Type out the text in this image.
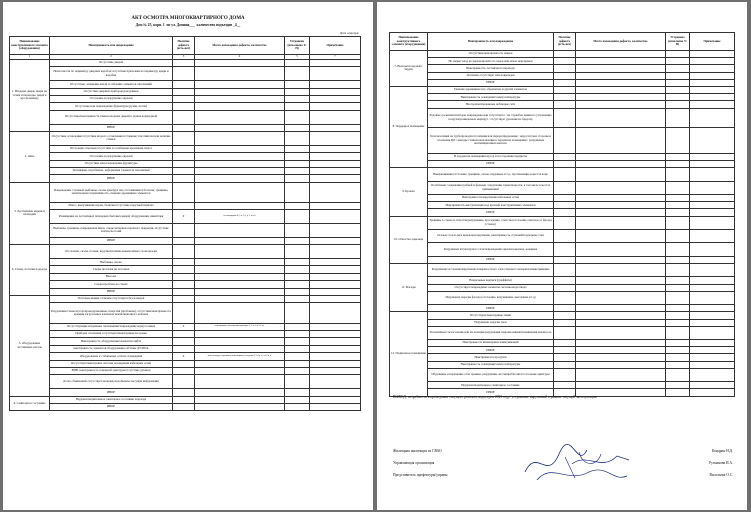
АКТ ОСМОТРА МНОГОКВАРТИРНОГО ДОМА
Дом № 25, корп. 1 по ул. Домина___ количество подъездов _4__
Дата осмотра:
Наименование конструктивного элемента (оборудования)	Неисправность или повреждение	Наличие дефекта (есть-нет)	Место нахождения дефекта, количество	Устранено (исполнено Y/Н)	Примечание
1	2	3	4	5	7
1. Входные двери, двери на этажи и переходы, двери в мусорокамеру	Отсутствие дверей				
	Неплотности по периметру дверных коробок/отсутствие притечеки по периметру двери и коробки				
	Отсутствие, затяжение и/или ослабление элементов заполнений				
	Отсутствие дверных приборов/доводчиков				
	Отслоение и разрушение окраски				
	Отсутствие или повреждение фурнитуры (ручки, петли)				
	Отсутствие/неисправность замков входных дверей в здание коридорной				
	ИНОЕ				
2. Окна	Отсутствие остекления/отсутствие второго остекления/отставание уплотнителя или наличие стыков				
	Отслоение отвесных/отсутствие и ослабление крепления отвеса				
	Отслоение и разрушение окраски				
	Отсутствие или повреждение фурнитуры				
	Загнивание, коробление, деформация элементов заполнений				
	ИНОЕ				
3. Лестничные марши и площадки	Повреждение ступеней: выбоины, сколы арматура над отслоившимся бетоном, трещины, значительная загрязнённость, гниение деревянных элементов				
	Износ, выпучивание перил, балясин/отсутствие поручней перилах				
	Размещение на лестничных площадках бытовых вещей, оборудования, инвентаря	0	на площадках 4,5 эт. 3,6, п. 1 и п.4		
	Выбоины, трещины, повреждение швов, следы материала прочного покрытия, отсутствие плиток местами				
	ИНОЕ				
4. Стены, потолки подъезда	Отслоение, сколы, потеки, вздутие/наличие невыносимых слоев краски				
	Выбоины, сколы				
	Следы протечек на потолках				
	Высолы				
	Следы протечек на стенах				
	ИНОЕ				
5. Оборудование лестничных клеток	Почтовые ящики сломаны/отсутствуют/без номеров				
	Разрушение/стены мусоропровод/раковины отверстия (пробоины), отсутствие/неисправность крышки загрузочных клапанов/ вентиляционного клапана				
	Отсутствующие исправные светильники/повреждение корпуса ниша	0	неисправные светильники приборы: 3,5 эт. 6 п.2 4 эт.		
	Приборы отопления отсутствуют/неисправны/засорены				
	Неисправность оборудования/элементов лифта				
	неисправность элементов/оборудования системы ДУ/ППА				
	Оборудование и стабильных сети не ограждения	0	кабель вокруг ограничителей направо из отделки 2,3,4 п.1,5 эт.3 п. 4		
	Отсутствует/неисправна система ограждения кабельных сетей				
	ВПВ- неисправность пожарной арматуры/отсутствие рукавов				
	Доска объявлений отсутствует/неправдоподобная/не несущая информации				
	ИНОЕ				
6. Санитарное состояние	Неудовлетворительное санитарное состояние подъезда				
	ИНОЕ				
Наименование конструктивного элемента (оборудования)	Неисправность или повреждение	Наличие дефекта (есть-нет)	Место нахождения дефекта, количество	Устранено (исполнено Y/Н)	Примечание
7. Выходы на кровлю/чердак	Отсутствие/неисправность замков				
	Не закрыт вход на чердак/кровлю по замок или замок неисправен				
	Неисправность лестничного перехода				
	Лестница отсутствует или поврежден				
	ИНОЕ				
8. Чердачное помещение	Гниение деревянных вог, обрешетки, и других элементов				
	Неисправность освещения/электроаппаратуры				
	Неотремонтированные наблюдые сети				
	Ходовые доски/вентиляторы повреждены или отсутствуют / не служебна линии по устранению воздухопроницаемых маршрут / отсутствует удаление на предохр				
	Теплоизоляция на трубопроводах/отопления или перераспределение / недостаточно стороны и отопления ЦО / выходы стояков канализации в чердачном помещении / разрушение вентиляционных каналов				
	В чердачном помещении мусор и посторонние предметы				
	ИНОЕ				
9. Кровля	Выкрашивание/отслоение, трещины, сколы, наружные и т.д., протекающие в местах вокр				
	Ослабление соединения гребней и фальцев / нарушение герметичности, в том числе в местах примыканий				
	Неисправности/нарушение кабельных сетей				
	Неисправность выступающих над кровлей конструктивных элементов				
	ИНОЕ				
10. Отмостка, крыльца	Трещины в стенах и отмостке/разрушение, проседание, отмостка/отслоение отвесное от фасада (стенок)				
	Оселые стон и лиса крыльца/разрушение, неисправность ступеней/подпорные стен				
	Разрушение штукатурного слоя/повреждения окраски крыльца, козырька				
	ИНОЕ				
11. Фасады	Разрушение/отслоение/нарушение поверхностного слоя стенового материала/выветривание				
	Вандальные надписи (граффити)				
	Отсутствует/повреждены элементы системы водоотвода				
	Нарушение окраски фасада (отслоение, вспучивание, выгорание и т.д)				
	ИНОЕ				
12. Подвальное помещение	Отсутствуют/неисправны замки				
	Нарушение окраски окон				
	Захламлённость/засоление или их наличие/разрушения гидроизоляции/повышенная влажность				
	Неисправность инженерных коммуникаций				
	ИНОЕ				
	Неисправность продухов				
	Неисправность освещения/электроаппаратуры				
	Обрушение и нарушение слоя трамвая, разрушение лестницы/бетонного/оголение арматуры				
	Неудовлетворительное санитарное состояние				
	ИНОЕ				
ВЫВОД: потребность в проведении текущего ремонта подъезда в 2023 году/ устранение нарушений в рамках текущей эксплуатации
Жилищная инспекция из СВАО	Кондрин Н.Д.
Управляющая организация	Рузманова И.А.
Представитель префектуры/управы	Васильева О.С.
